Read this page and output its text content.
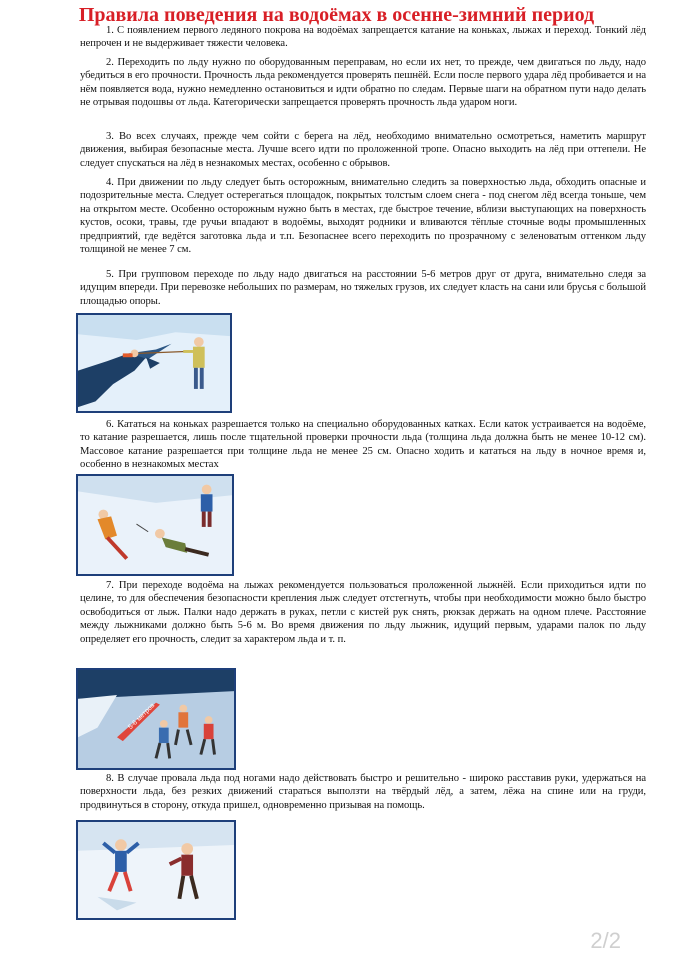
Правила поведения на водоёмах в осенне-зимний период

1. С появлением первого ледяного покрова на водоёмах запрещается катание на коньках, лыжах и переход. Тонкий лёд непрочен и не выдерживает тяжести человека.

2. Переходить по льду нужно по оборудованным переправам, но если их нет, то прежде, чем двигаться по льду, надо убедиться в его прочности. Прочность льда рекомендуется проверять пешнёй. Если после первого удара лёд пробивается и на нём появляется вода, нужно немедленно остановиться и идти обратно по следам. Первые шаги на обратном пути надо делать не отрывая подошвы от льда. Категорически запрещается проверять прочность льда ударом ноги.

3. Во всех случаях, прежде чем сойти с берега на лёд, необходимо внимательно осмотреться, наметить маршрут движения, выбирая безопасные места. Лучше всего идти по проложенной тропе. Опасно выходить на лёд при оттепели. Не следует спускаться на лёд в незнакомых местах, особенно с обрывов.

4. При движении по льду следует быть осторожным, внимательно следить за поверхностью льда, обходить опасные и подозрительные места. Следует остерегаться площадок, покрытых толстым слоем снега - под снегом лёд всегда тоньше, чем на открытом месте. Особенно осторожным нужно быть в местах, где быстрое течение, вблизи выступающих на поверхность кустов, осоки, травы, где ручьи впадают в водоёмы, выходят родники и вливаются тёплые сточные воды промышленных предприятий, где ведётся заготовка льда и т.п. Безопаснее всего переходить по прозрачному с зеленоватым оттенком льду толщиной не менее 7 см.

5. При групповом переходе по льду надо двигаться на расстоянии 5-6 метров друг от друга, внимательно следя за идущим впереди. При перевозке небольших по размерам, но тяжелых грузов, их следует класть на сани или брусья с большой площадью опоры.

6. Кататься на коньках разрешается только на специально оборудованных катках. Если каток устраивается на водоёме, то катание разрешается, лишь после тщательной проверки прочности льда (толщина льда должна быть не менее 10-12 см). Массовое катание разрешается при толщине льда не менее 25 см. Опасно ходить и кататься на льду в ночное время и, особенно в незнакомых местах

7. При переходе водоёма на лыжах рекомендуется пользоваться проложенной лыжнёй. Если приходиться идти по целине, то для обеспечения безопасности крепления лыж следует отстегнуть, чтобы при необходимости можно было быстро освободиться от лыж. Палки надо держать в руках, петли с кистей рук снять, рюкзак держать на одном плече. Расстояние между лыжниками должно быть 5-6 м. Во время движения по льду лыжник, идущий первым, ударами палок по льду определяет его прочность, следит за характером льда и т. п.

5-6 метров

8. В случае провала льда под ногами надо действовать быстро и решительно - широко расставив руки, удержаться на поверхности льда, без резких движений стараться выползти на твёрдый лёд, а затем, лёжа на спине или на груди, продвинуться в сторону, откуда пришел, одновременно призывая на помощь.

2/2
